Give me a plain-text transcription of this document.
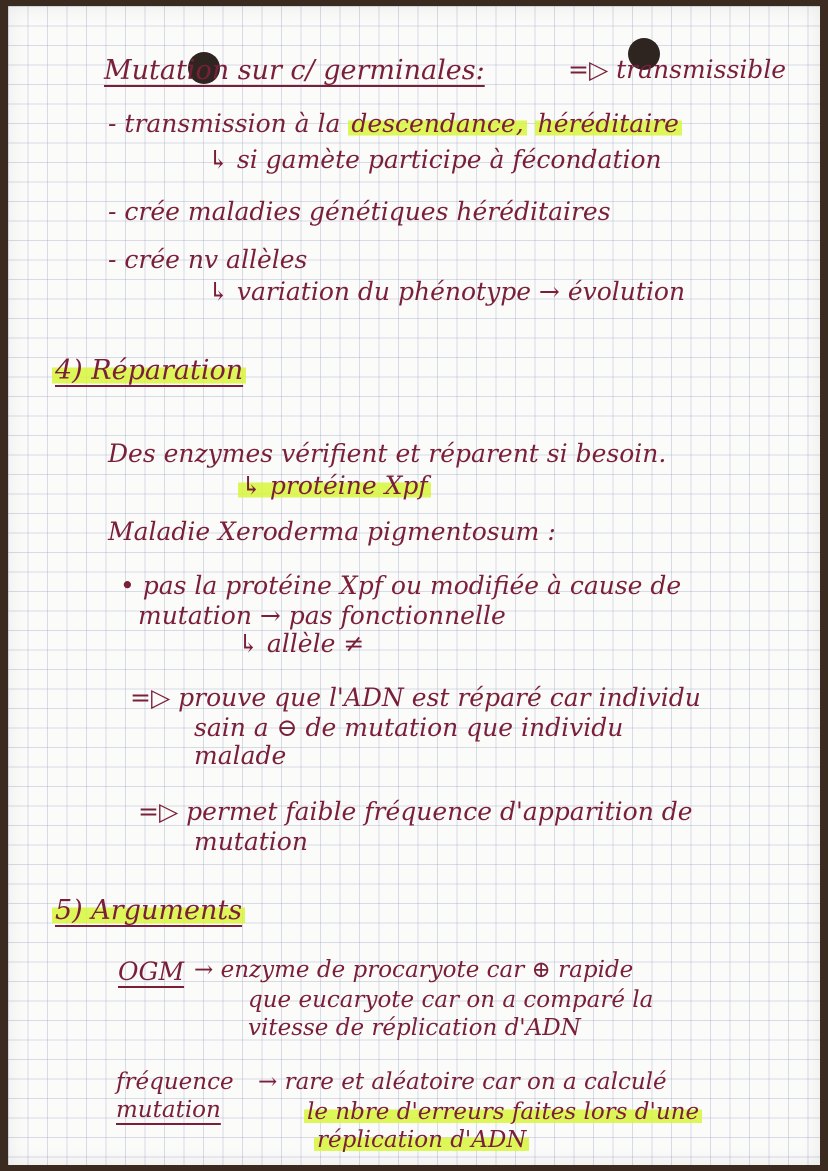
Mutation sur c/ germinales:	=▷ transmissible
- transmission à la descendance, héréditaire
↳ si gamète participe à fécondation
- crée maladies génétiques héréditaires
- crée nv allèles
↳ variation du phénotype → évolution
4) Réparation
Des enzymes vérifient et réparent si besoin.
↳ protéine Xpf
Maladie Xeroderma pigmentosum :
• pas la protéine Xpf ou modifiée à cause de
mutation → pas fonctionnelle
↳ allèle ≠
=▷ prouve que l'ADN est réparé car individu
sain a ⊖ de mutation que individu
malade
=▷ permet faible fréquence d'apparition de
mutation
5) Arguments
OGM → enzyme de procaryote car ⊕ rapide
que eucaryote car on a comparé la
vitesse de réplication d'ADN
fréquence
mutation
→ rare et aléatoire car on a calculé
le nbre d'erreurs faites lors d'une
réplication d'ADN
